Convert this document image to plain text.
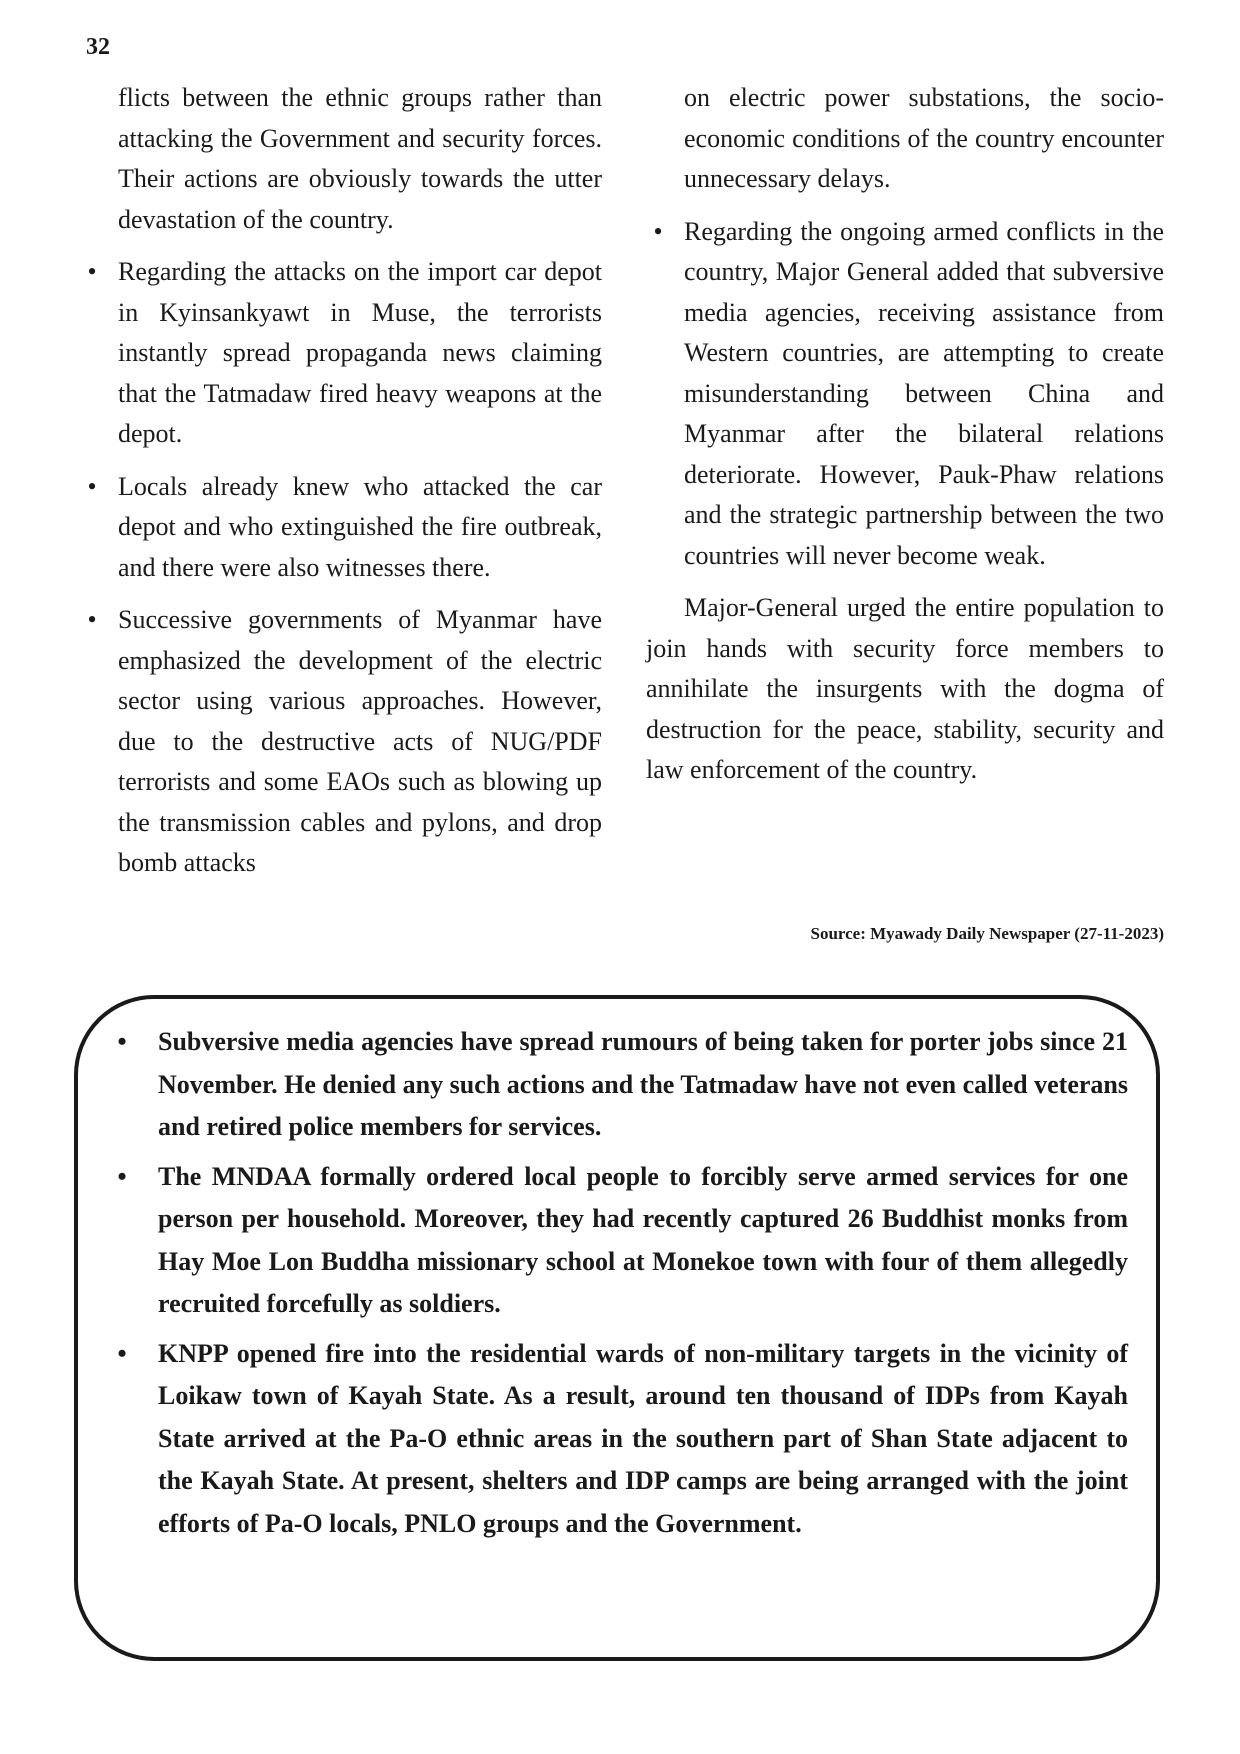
32

flicts between the ethnic groups rather than attacking the Government and security forces. Their actions are obviously towards the utter devastation of the country.

• Regarding the attacks on the import car depot in Kyinsankyawt in Muse, the terrorists instantly spread propaganda news claiming that the Tatmadaw fired heavy weapons at the depot.
• Locals already knew who attacked the car depot and who extinguished the fire outbreak, and there were also witnesses there.
• Successive governments of Myanmar have emphasized the development of the electric sector using various approaches. However, due to the destructive acts of NUG/PDF terrorists and some EAOs such as blowing up the transmission cables and pylons, and drop bomb attacks

on electric power substations, the socio-economic conditions of the country encounter unnecessary delays.

• Regarding the ongoing armed conflicts in the country, Major General added that subversive media agencies, receiving assistance from Western countries, are attempting to create misunderstanding between China and Myanmar after the bilateral relations deteriorate. However, Pauk-Phaw relations and the strategic partnership between the two countries will never become weak.

Major-General urged the entire population to join hands with security force members to annihilate the insurgents with the dogma of destruction for the peace, stability, security and law enforcement of the country.

Source: Myawady Daily Newspaper (27-11-2023)
• Subversive media agencies have spread rumours of being taken for porter jobs since 21 November. He denied any such actions and the Tatmadaw have not even called veterans and retired police members for services.
• The MNDAA formally ordered local people to forcibly serve armed services for one person per household. Moreover, they had recently captured 26 Buddhist monks from Hay Moe Lon Buddha missionary school at Monekoe town with four of them allegedly recruited forcefully as soldiers.
• KNPP opened fire into the residential wards of non-military targets in the vicinity of Loikaw town of Kayah State. As a result, around ten thousand of IDPs from Kayah State arrived at the Pa-O ethnic areas in the southern part of Shan State adjacent to the Kayah State. At present, shelters and IDP camps are being arranged with the joint efforts of Pa-O locals, PNLO groups and the Government.
